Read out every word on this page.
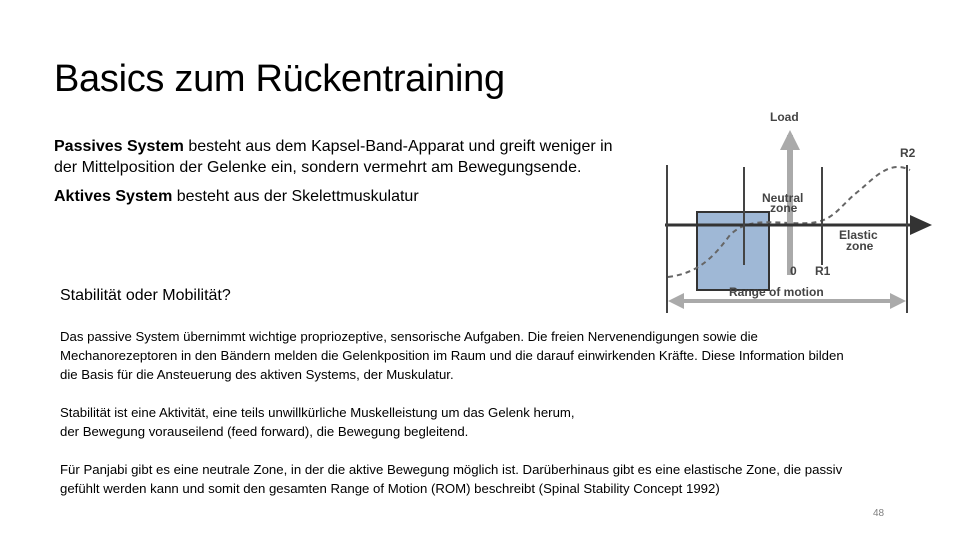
Basics zum Rückentraining

Passives System besteht aus dem Kapsel-Band-Apparat und greift weniger in der Mittelposition der Gelenke ein, sondern vermehrt am Bewegungsende.

Aktives System besteht aus der Skelettmuskulatur

Stabilität oder Mobilität?

Das passive System übernimmt wichtige propriozeptive, sensorische Aufgaben. Die freien Nervenendigungen sowie die Mechanorezeptoren in den Bändern melden die Gelenkposition im Raum und die darauf einwirkenden Kräfte. Diese Information bilden die Basis für die Ansteuerung des aktiven Systems, der Muskulatur.

Stabilität ist eine Aktivität, eine teils unwillkürliche Muskelleistung um das Gelenk herum,
der Bewegung vorauseilend (feed forward), die Bewegung begleitend.

Für Panjabi gibt es eine neutrale Zone, in der die aktive Bewegung möglich ist. Darüberhinaus gibt es eine elastische Zone, die passiv gefühlt werden kann und somit den gesamten Range of Motion (ROM) beschreibt (Spinal Stability Concept 1992)

Load
R2
Neutral
zone
Elastic
zone
0 R1
Range of motion
48
